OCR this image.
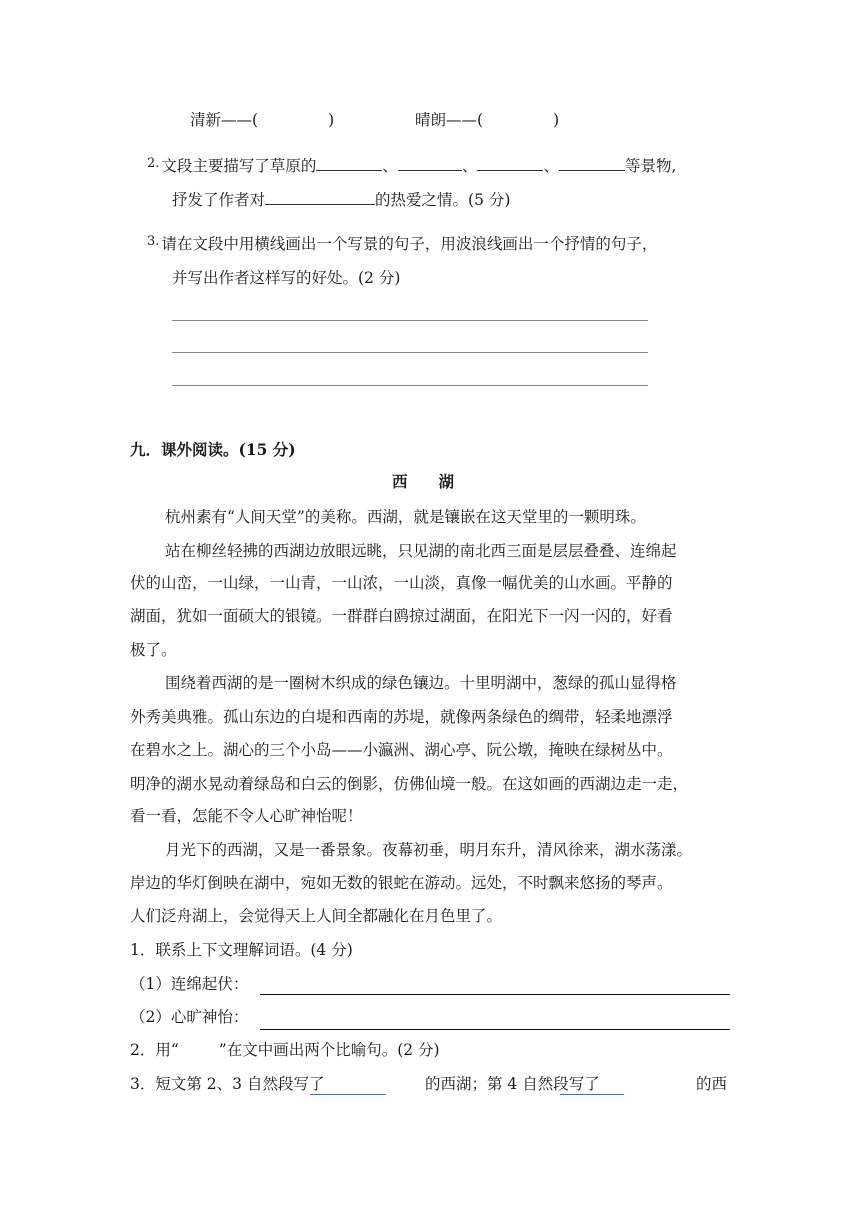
清新——(	)	晴朗——(	)
$^{2.}$ 文段主要描写了草原的	、	、	、	等景物,
抒发了作者对	的热爱之情。(5 分)
$^{3.}$ 请在文段中用横线画出一个写景的句子，用波浪线画出一个抒情的句子，
并写出作者这样写的好处。(2 分)
九．课外阅读。(15 分)
西　　湖
杭州素有“人间天堂”的美称。西湖，就是镶嵌在这天堂里的一颗明珠。
站在柳丝轻拂的西湖边放眼远眺，只见湖的南北西三面是层层叠叠、连绵起
伏的山峦，一山绿，一山青，一山浓，一山淡，真像一幅优美的山水画。平静的
湖面，犹如一面硕大的银镜。一群群白鸥掠过湖面，在阳光下一闪一闪的，好看
极了。
围绕着西湖的是一圈树木织成的绿色镶边。十里明湖中，葱绿的孤山显得格
外秀美典雅。孤山东边的白堤和西南的苏堤，就像两条绿色的绸带，轻柔地漂浮
在碧水之上。湖心的三个小岛——小瀛洲、湖心亭、阮公墩，掩映在绿树丛中。
明净的湖水晃动着绿岛和白云的倒影，仿佛仙境一般。在这如画的西湖边走一走，
看一看，怎能不令人心旷神怡呢！
月光下的西湖，又是一番景象。夜幕初垂，明月东升，清风徐来，湖水荡漾。
岸边的华灯倒映在湖中，宛如无数的银蛇在游动。远处，不时飘来悠扬的琴声。
人们泛舟湖上，会觉得天上人间全都融化在月色里了。
1．联系上下文理解词语。(4 分)
（1）连绵起伏：
（2）心旷神怡：
2．用“	”在文中画出两个比喻句。(2 分)
3．短文第 2、3 自然段写了	的西湖；第 4 自然段写了	的西
